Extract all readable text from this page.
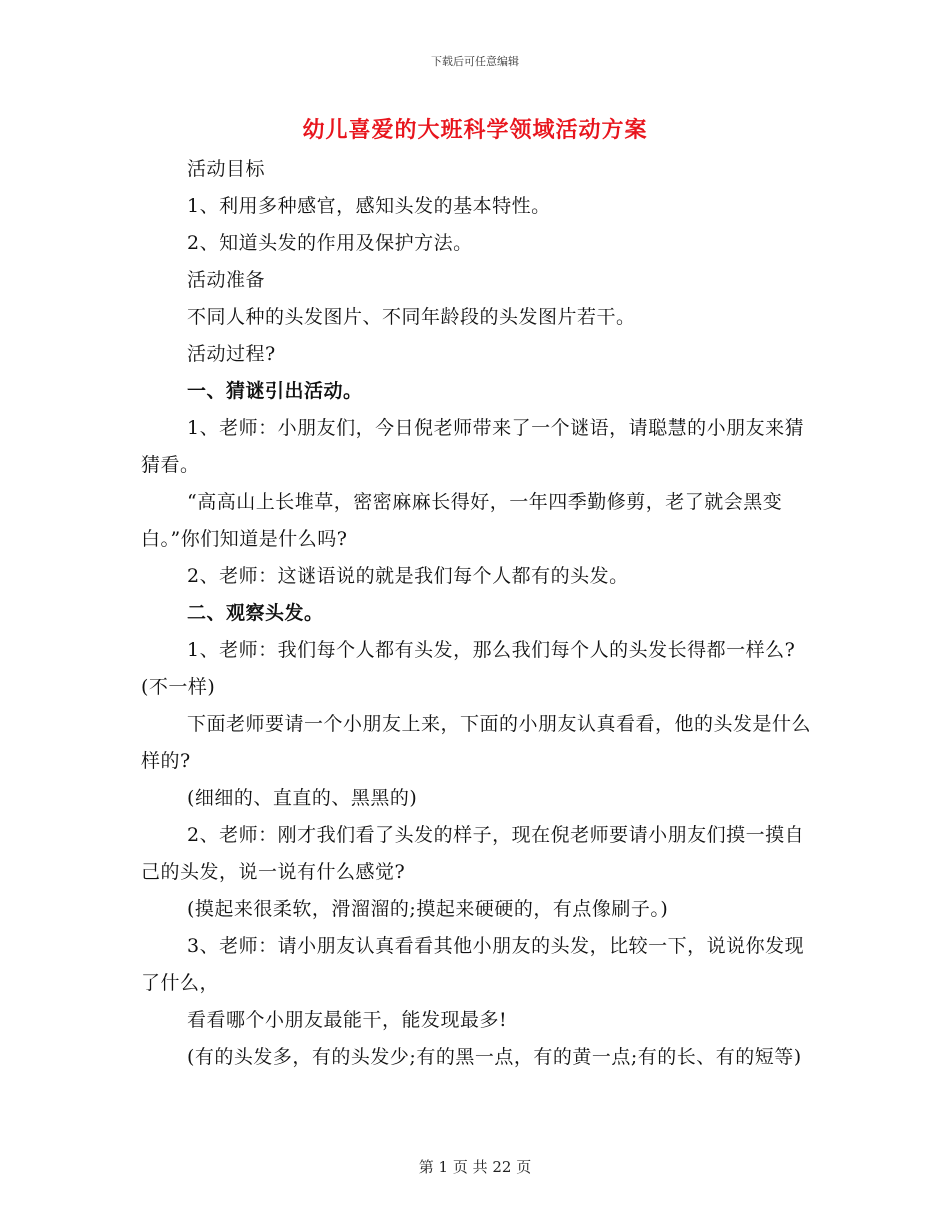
下载后可任意编辑
幼儿喜爱的大班科学领域活动方案

活动目标

1、利用多种感官，感知头发的基本特性。

2、知道头发的作用及保护方法。

活动准备

不同人种的头发图片、不同年龄段的头发图片若干。

活动过程?

一、猜谜引出活动。

1、老师：小朋友们，今日倪老师带来了一个谜语，请聪慧的小朋友来猜猜看。

“高高山上长堆草，密密麻麻长得好，一年四季勤修剪，老了就会黑变白。”你们知道是什么吗?

2、老师：这谜语说的就是我们每个人都有的头发。

二、观察头发。

1、老师：我们每个人都有头发，那么我们每个人的头发长得都一样么?(不一样)

下面老师要请一个小朋友上来，下面的小朋友认真看看，他的头发是什么样的?

(细细的、直直的、黑黑的)

2、老师：刚才我们看了头发的样子，现在倪老师要请小朋友们摸一摸自己的头发，说一说有什么感觉?

(摸起来很柔软，滑溜溜的;摸起来硬硬的，有点像刷子。)

3、老师：请小朋友认真看看其他小朋友的头发，比较一下，说说你发现了什么，

看看哪个小朋友最能干，能发现最多!

(有的头发多，有的头发少;有的黑一点，有的黄一点;有的长、有的短等)

第 1 页 共 22 页
